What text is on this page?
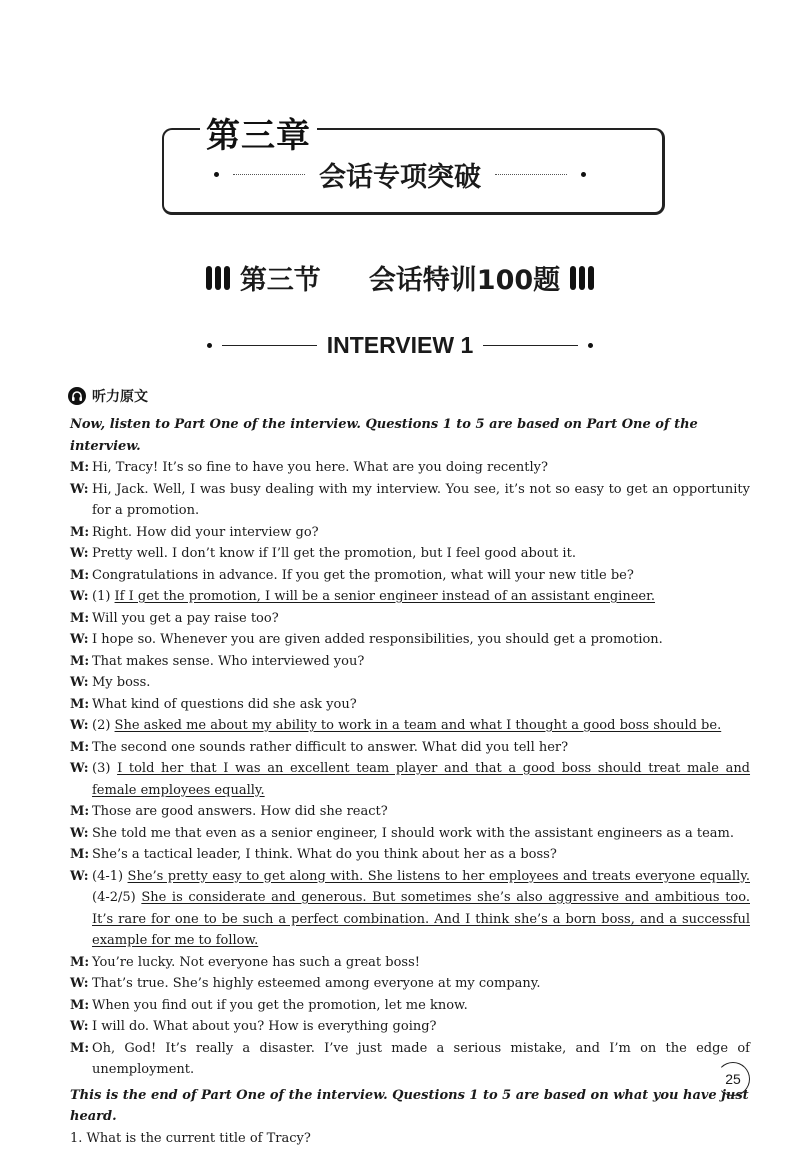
第三章
会话专项突破
第三节 会话特训100题
INTERVIEW 1
听力原文

Now, listen to Part One of the interview. Questions 1 to 5 are based on Part One of the interview.

M: Hi, Tracy! It’s so fine to have you here. What are you doing recently?
W: Hi, Jack. Well, I was busy dealing with my interview. You see, it’s not so easy to get an opportunity for a promotion.
M: Right. How did your interview go?
W: Pretty well. I don’t know if I’ll get the promotion, but I feel good about it.
M: Congratulations in advance. If you get the promotion, what will your new title be?
W: (1) If I get the promotion, I will be a senior engineer instead of an assistant engineer.
M: Will you get a pay raise too?
W: I hope so. Whenever you are given added responsibilities, you should get a promotion.
M: That makes sense. Who interviewed you?
W: My boss.
M: What kind of questions did she ask you?
W: (2) She asked me about my ability to work in a team and what I thought a good boss should be.
M: The second one sounds rather difficult to answer. What did you tell her?
W: (3) I told her that I was an excellent team player and that a good boss should treat male and female employees equally.
M: Those are good answers. How did she react?
W: She told me that even as a senior engineer, I should work with the assistant engineers as a team.
M: She’s a tactical leader, I think. What do you think about her as a boss?
W: (4-1) She’s pretty easy to get along with. She listens to her employees and treats everyone equally. (4-2/5) She is considerate and generous. But sometimes she’s also aggressive and ambitious too. It’s rare for one to be such a perfect combination. And I think she’s a born boss, and a successful example for me to follow.
M: You’re lucky. Not everyone has such a great boss!
W: That’s true. She’s highly esteemed among everyone at my company.
M: When you find out if you get the promotion, let me know.
W: I will do. What about you? How is everything going?
M: Oh, God! It’s really a disaster. I’ve just made a serious mistake, and I’m on the edge of unemployment.

This is the end of Part One of the interview. Questions 1 to 5 are based on what you have just heard.

1. What is the current title of Tracy?

25
